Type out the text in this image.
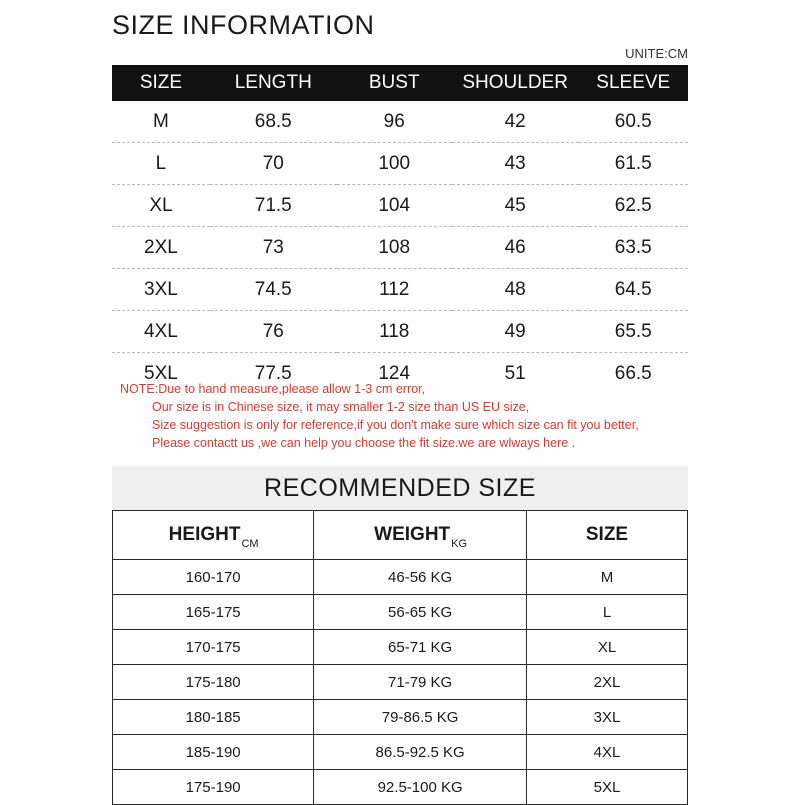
SIZE INFORMATION
UNITE:CM
SIZE	LENGTH	BUST	SHOULDER	SLEEVE
M	68.5	96	42	60.5
L	70	100	43	61.5
XL	71.5	104	45	62.5
2XL	73	108	46	63.5
3XL	74.5	112	48	64.5
4XL	76	118	49	65.5
5XL	77.5	124	51	66.5
NOTE:Due to hand measure,please allow 1-3 cm error,
Our size is in Chinese size, it may smaller 1-2 size than US EU size,
Size suggestion is only for reference,if you don't make sure which size can fit you better,
Please contactt us ,we can help you choose the fit size.we are wlways here .
RECOMMENDED SIZE
$HEIGHT_{CM}$	$WEIGHT_{KG}$	SIZE
160-170	46-56 KG	M
165-175	56-65 KG	L
170-175	65-71 KG	XL
175-180	71-79 KG	2XL
180-185	79-86.5 KG	3XL
185-190	86.5-92.5 KG	4XL
175-190	92.5-100 KG	5XL
